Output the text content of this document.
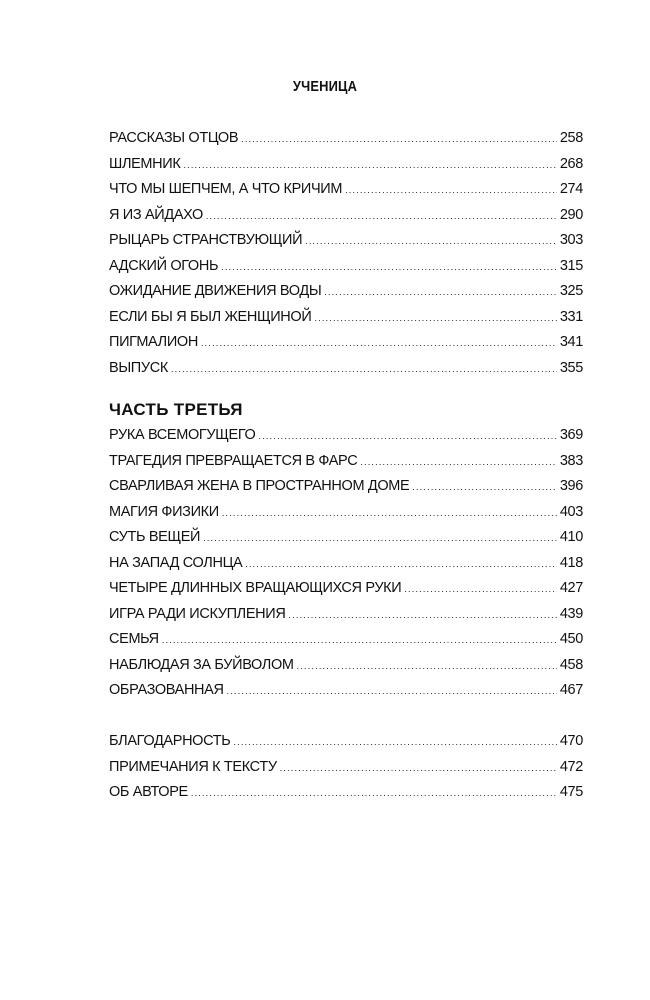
УЧЕНИЦА
РАССКАЗЫ ОТЦОВ .....	258
ШЛЕМНИК .....	268
ЧТО МЫ ШЕПЧЕМ, А ЧТО КРИЧИМ .....	274
Я ИЗ АЙДАХО .....	290
РЫЦАРЬ СТРАНСТВУЮЩИЙ .....	303
АДСКИЙ ОГОНЬ .....	315
ОЖИДАНИЕ ДВИЖЕНИЯ ВОДЫ .....	325
ЕСЛИ БЫ Я БЫЛ ЖЕНЩИНОЙ .....	331
ПИГМАЛИОН .....	341
ВЫПУСК .....	355
ЧАСТЬ ТРЕТЬЯ
РУКА ВСЕМОГУЩЕГО .....	369
ТРАГЕДИЯ ПРЕВРАЩАЕТСЯ В ФАРС .....	383
СВАРЛИВАЯ ЖЕНА В ПРОСТРАННОМ ДОМЕ .....	396
МАГИЯ ФИЗИКИ .....	403
СУТЬ ВЕЩЕЙ .....	410
НА ЗАПАД СОЛНЦА .....	418
ЧЕТЫРЕ ДЛИННЫХ ВРАЩАЮЩИХСЯ РУКИ .....	427
ИГРА РАДИ ИСКУПЛЕНИЯ .....	439
СЕМЬЯ .....	450
НАБЛЮДАЯ ЗА БУЙВОЛОМ .....	458
ОБРАЗОВАННАЯ .....	467
БЛАГОДАРНОСТЬ .....	470
ПРИМЕЧАНИЯ К ТЕКСТУ .....	472
ОБ АВТОРЕ .....	475
